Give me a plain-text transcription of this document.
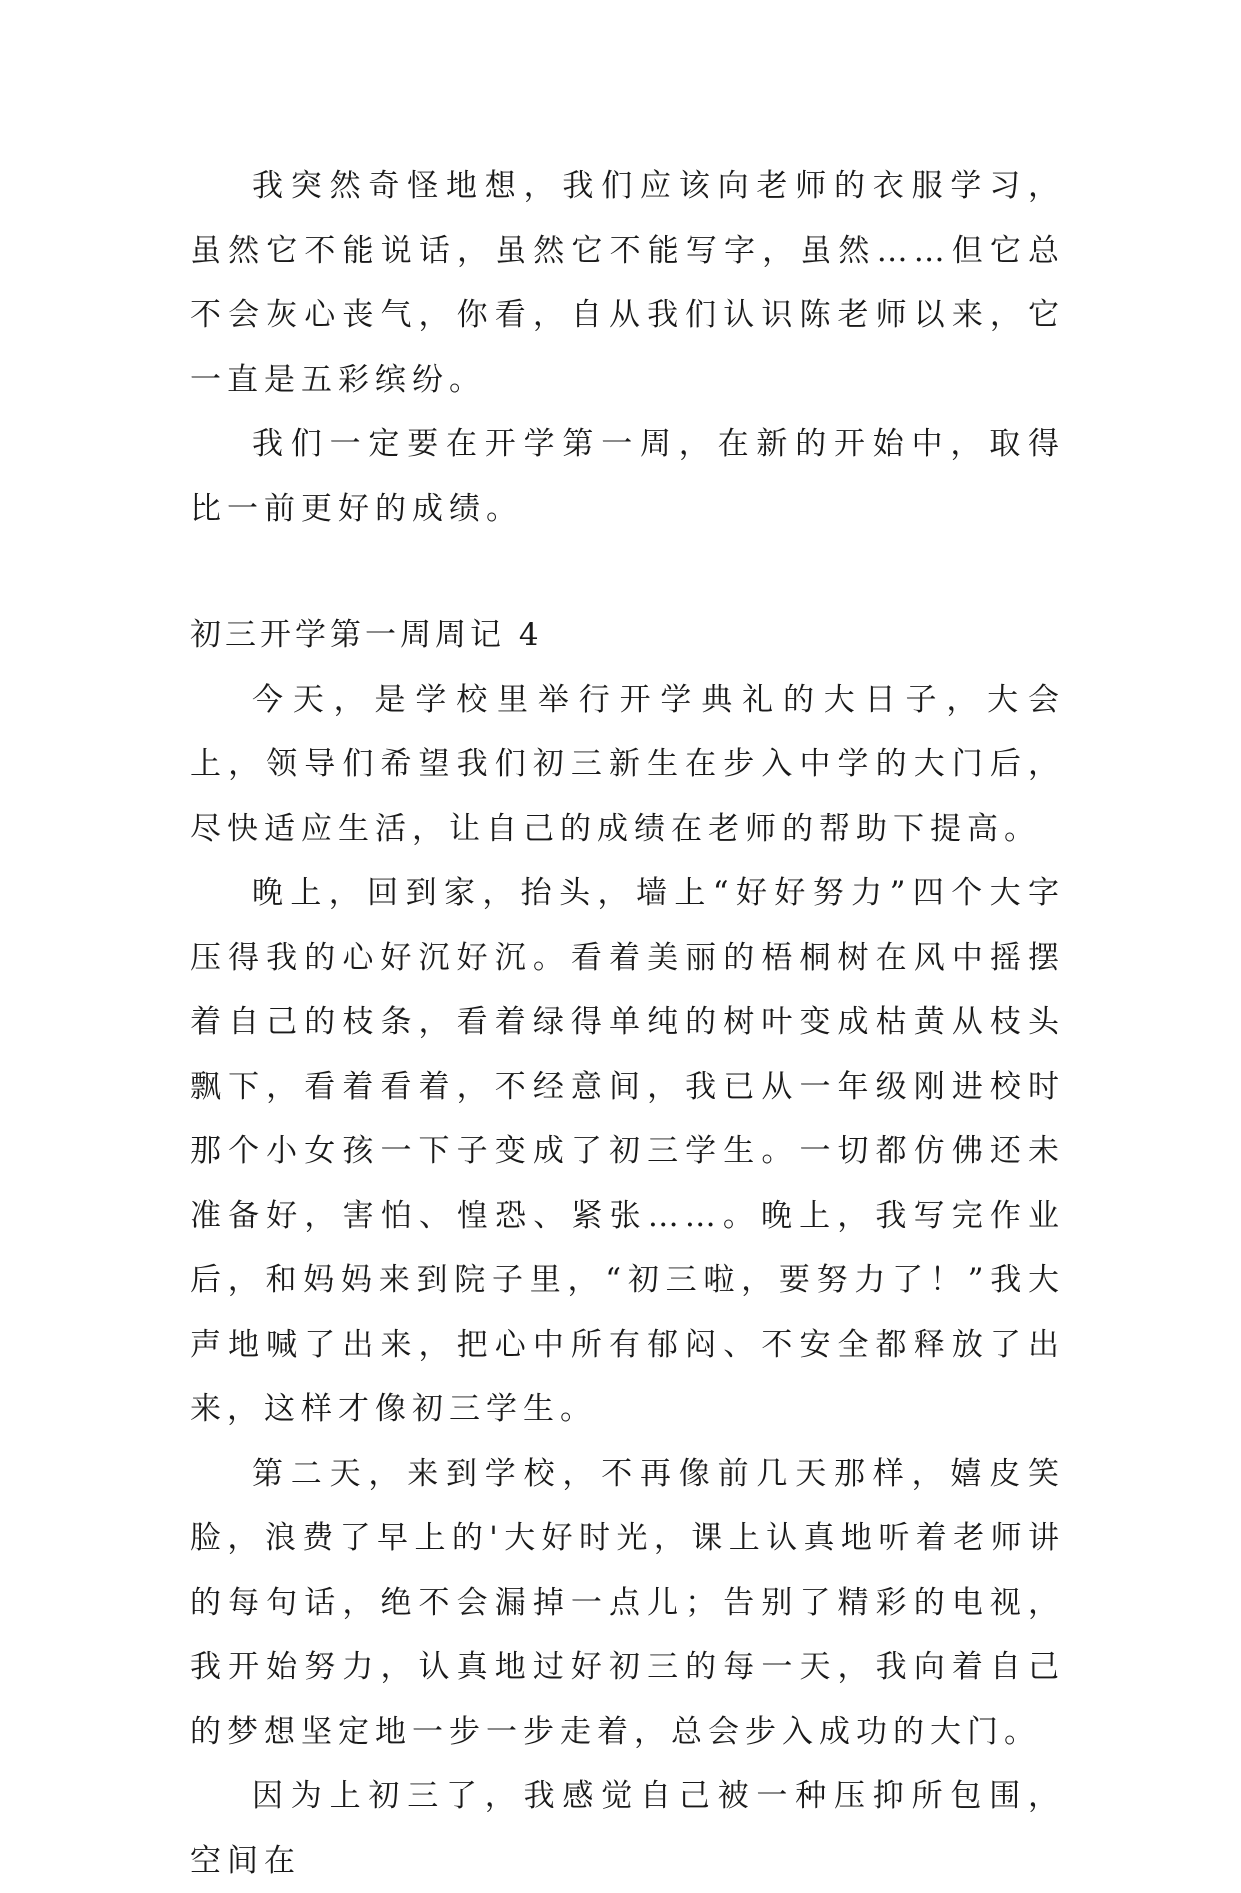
我突然奇怪地想，我们应该向老师的衣服学习，虽然它不能说话，虽然它不能写字，虽然……但它总不会灰心丧气，你看，自从我们认识陈老师以来，它一直是五彩缤纷。

我们一定要在开学第一周，在新的开始中，取得比一前更好的成绩。

初三开学第一周周记 4

今天，是学校里举行开学典礼的大日子，大会上，领导们希望我们初三新生在步入中学的大门后，尽快适应生活，让自己的成绩在老师的帮助下提高。

晚上，回到家，抬头，墙上“好好努力”四个大字压得我的心好沉好沉。看着美丽的梧桐树在风中摇摆着自己的枝条，看着绿得单纯的树叶变成枯黄从枝头飘下，看着看着，不经意间，我已从一年级刚进校时那个小女孩一下子变成了初三学生。一切都仿佛还未准备好，害怕、惶恐、紧张……。晚上，我写完作业后，和妈妈来到院子里，“初三啦，要努力了！”我大声地喊了出来，把心中所有郁闷、不安全都释放了出来，这样才像初三学生。

第二天，来到学校，不再像前几天那样，嬉皮笑脸，浪费了早上的'大好时光，课上认真地听着老师讲的每句话，绝不会漏掉一点儿；告别了精彩的电视，我开始努力，认真地过好初三的每一天，我向着自己的梦想坚定地一步一步走着，总会步入成功的大门。

因为上初三了，我感觉自己被一种压抑所包围，空间在
